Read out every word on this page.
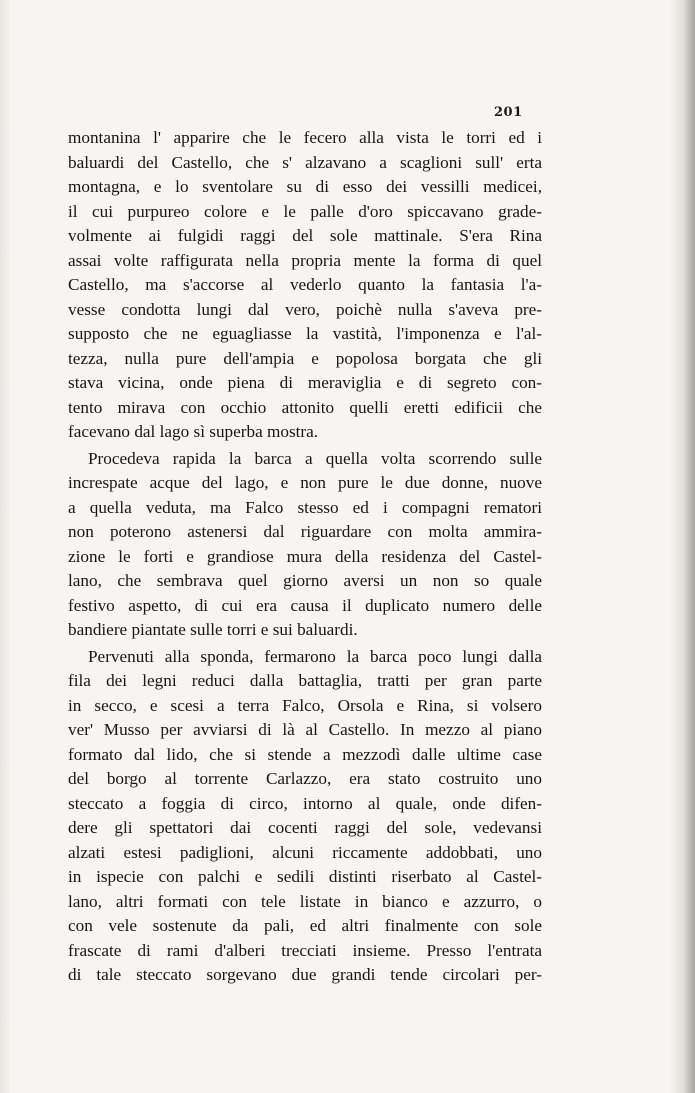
201
montanina l' apparire che le fecero alla vista le torri ed i
baluardi del Castello, che s' alzavano a scaglioni sull' erta
montagna, e lo sventolare su di esso dei vessilli medicei,
il cui purpureo colore e le palle d'oro spiccavano grade-
volmente ai fulgidi raggi del sole mattinale. S'era Rina
assai volte raffigurata nella propria mente la forma di quel
Castello, ma s'accorse al vederlo quanto la fantasia l'a-
vesse condotta lungi dal vero, poichè nulla s'aveva pre-
supposto che ne eguagliasse la vastità, l'imponenza e l'al-
tezza, nulla pure dell'ampia e popolosa borgata che gli
stava vicina, onde piena di meraviglia e di segreto con-
tento mirava con occhio attonito quelli eretti edificii che
facevano dal lago sì superba mostra.
Procedeva rapida la barca a quella volta scorrendo sulle
increspate acque del lago, e non pure le due donne, nuove
a quella veduta, ma Falco stesso ed i compagni rematori
non poterono astenersi dal riguardare con molta ammira-
zione le forti e grandiose mura della residenza del Castel-
lano, che sembrava quel giorno aversi un non so quale
festivo aspetto, di cui era causa il duplicato numero delle
bandiere piantate sulle torri e sui baluardi.
Pervenuti alla sponda, fermarono la barca poco lungi dalla
fila dei legni reduci dalla battaglia, tratti per gran parte
in secco, e scesi a terra Falco, Orsola e Rina, si volsero
ver' Musso per avviarsi di là al Castello. In mezzo al piano
formato dal lido, che si stende a mezzodì dalle ultime case
del borgo al torrente Carlazzo, era stato costruito uno
steccato a foggia di circo, intorno al quale, onde difen-
dere gli spettatori dai cocenti raggi del sole, vedevansi
alzati estesi padiglioni, alcuni riccamente addobbati, uno
in ispecie con palchi e sedili distinti riserbato al Castel-
lano, altri formati con tele listate in bianco e azzurro, o
con vele sostenute da pali, ed altri finalmente con sole
frascate di rami d'alberi trecciati insieme. Presso l'entrata
di tale steccato sorgevano due grandi tende circolari per-
